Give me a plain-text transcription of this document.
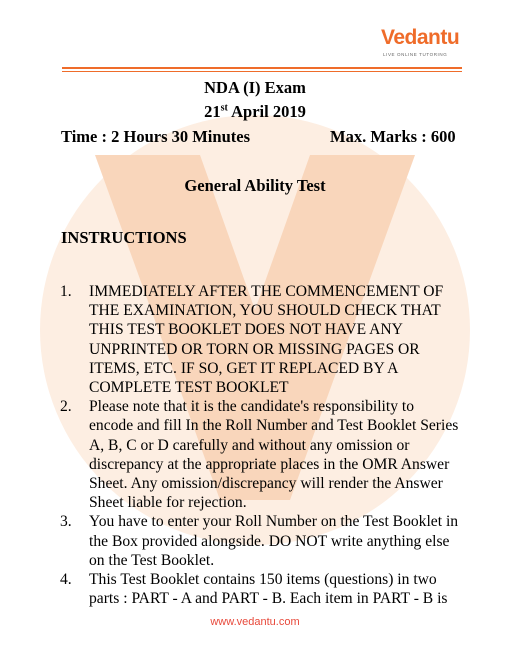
Vedantu
LIVE ONLINE TUTORING
NDA (I) Exam
21st April 2019
Time : 2 Hours 30 Minutes	Max. Marks : 600
General Ability Test
INSTRUCTIONS
1. IMMEDIATELY AFTER THE COMMENCEMENT OF THE EXAMINATION, YOU SHOULD CHECK THAT THIS TEST BOOKLET DOES NOT HAVE ANY UNPRINTED OR TORN OR MISSING PAGES OR ITEMS, ETC. IF SO, GET IT REPLACED BY A COMPLETE TEST BOOKLET
2. Please note that it is the candidate's responsibility to encode and fill In the Roll Number and Test Booklet Series A, B, C or D carefully and without any omission or discrepancy at the appropriate places in the OMR Answer Sheet. Any omission/discrepancy will render the Answer Sheet liable for rejection.
3. You have to enter your Roll Number on the Test Booklet in the Box provided alongside. DO NOT write anything else on the Test Booklet.
4. This Test Booklet contains 150 items (questions) in two parts : PART - A and PART - B. Each item in PART - B is
www.vedantu.com
